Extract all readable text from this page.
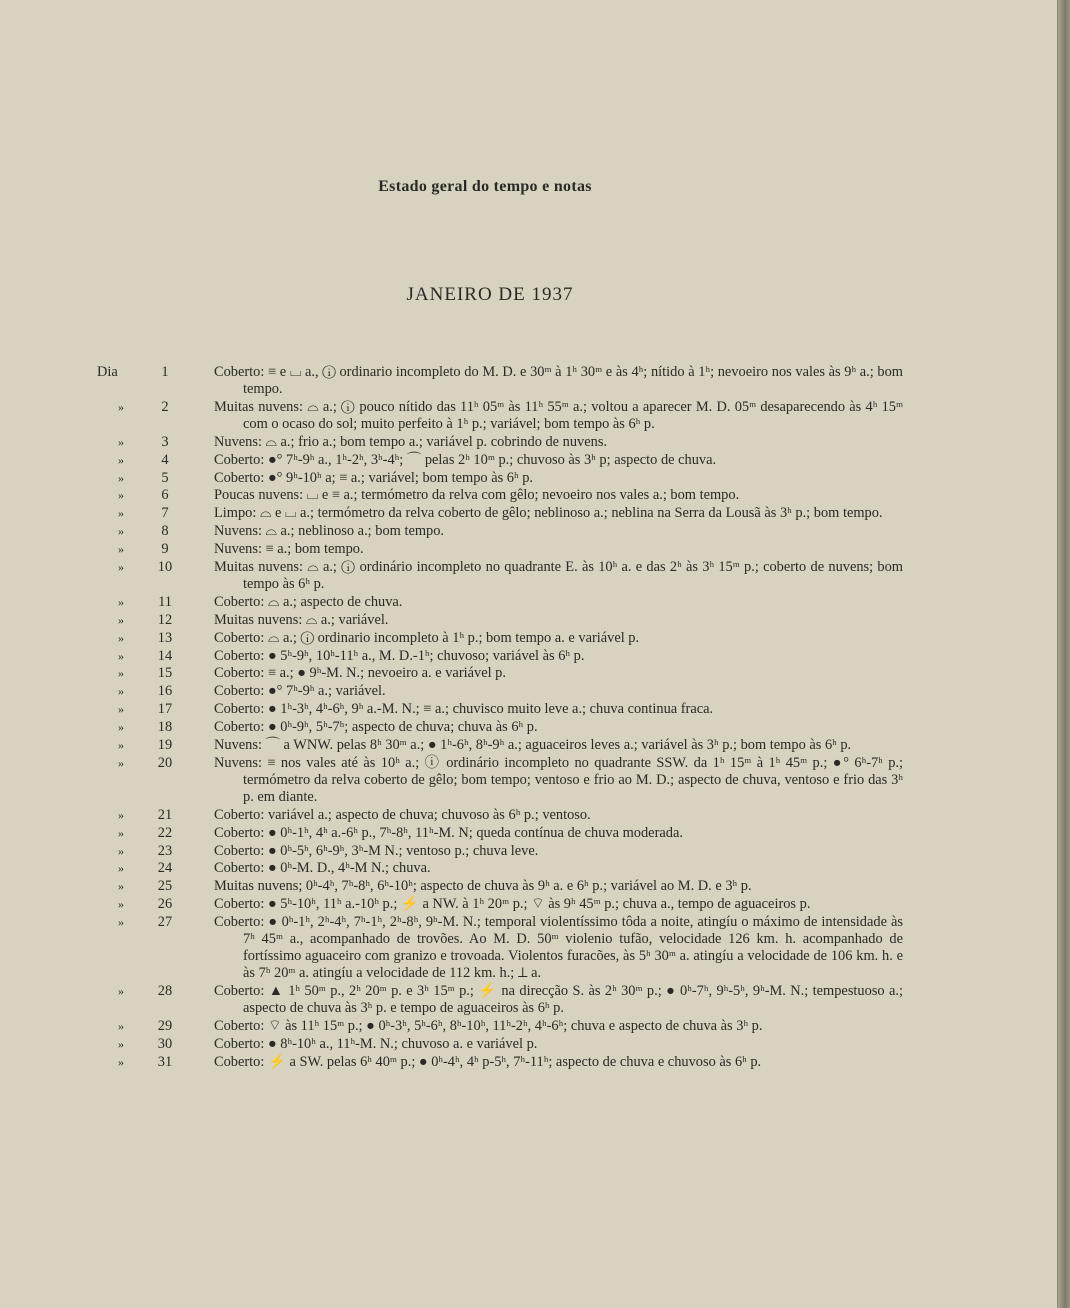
Estado geral do tempo e notas
JANEIRO DE 1937
Dia	1	Coberto: ≡ e ⌴ a., ⓘ ordinario incompleto do M. D. e 30ᵐ à 1ʰ 30ᵐ e às 4ʰ; nítido à 1ʰ; nevoeiro nos vales às 9ʰ a.; bom tempo.
»	2	Muitas nuvens: ⌓ a.; ⓘ pouco nítido das 11ʰ 05ᵐ às 11ʰ 55ᵐ a.; voltou a aparecer M. D. 05ᵐ desaparecendo às 4ʰ 15ᵐ com o ocaso do sol; muito perfeito à 1ʰ p.; variável; bom tempo às 6ʰ p.
»	3	Nuvens: ⌓ a.; frio a.; bom tempo a.; variável p. cobrindo de nuvens.
»	4	Coberto: ●° 7ʰ-9ʰ a., 1ʰ-2ʰ, 3ʰ-4ʰ; ⌒ pelas 2ʰ 10ᵐ p.; chuvoso às 3ʰ p; aspecto de chuva.
»	5	Coberto: ●° 9ʰ-10ʰ a; ≡ a.; variável; bom tempo às 6ʰ p.
»	6	Poucas nuvens: ⌴ e ≡ a.; termómetro da relva com gêlo; nevoeiro nos vales a.; bom tempo.
»	7	Limpo: ⌓ e ⌴ a.; termómetro da relva coberto de gêlo; neblinoso a.; neblina na Serra da Lousã às 3ʰ p.; bom tempo.
»	8	Nuvens: ⌓ a.; neblinoso a.; bom tempo.
»	9	Nuvens: ≡ a.; bom tempo.
»	10	Muitas nuvens: ⌓ a.; ⓘ ordinário incompleto no quadrante E. às 10ʰ a. e das 2ʰ às 3ʰ 15ᵐ p.; coberto de nuvens; bom tempo às 6ʰ p.
»	11	Coberto: ⌓ a.; aspecto de chuva.
»	12	Muitas nuvens: ⌓ a.; variável.
»	13	Coberto: ⌓ a.; ⓘ ordinario incompleto à 1ʰ p.; bom tempo a. e variável p.
»	14	Coberto: ● 5ʰ-9ʰ, 10ʰ-11ʰ a., M. D.-1ʰ; chuvoso; variável às 6ʰ p.
»	15	Coberto: ≡ a.; ● 9ʰ-M. N.; nevoeiro a. e variável p.
»	16	Coberto: ●° 7ʰ-9ʰ a.; variável.
»	17	Coberto: ● 1ʰ-3ʰ, 4ʰ-6ʰ, 9ʰ a.-M. N.; ≡ a.; chuvisco muito leve a.; chuva continua fraca.
»	18	Coberto: ● 0ʰ-9ʰ, 5ʰ-7ʰ; aspecto de chuva; chuva às 6ʰ p.
»	19	Nuvens: ⌒ a WNW. pelas 8ʰ 30ᵐ a.; ● 1ʰ-6ʰ, 8ʰ-9ʰ a.; aguaceiros leves a.; variável às 3ʰ p.; bom tempo às 6ʰ p.
»	20	Nuvens: ≡ nos vales até às 10ʰ a.; ⓘ ordinário incompleto no quadrante SSW. da 1ʰ 15ᵐ à 1ʰ 45ᵐ p.; ●° 6ʰ-7ʰ p.; termómetro da relva coberto de gêlo; bom tempo; ventoso e frio ao M. D.; aspecto de chuva, ventoso e frio das 3ʰ p. em diante.
»	21	Coberto: variável a.; aspecto de chuva; chuvoso às 6ʰ p.; ventoso.
»	22	Coberto: ● 0ʰ-1ʰ, 4ʰ a.-6ʰ p., 7ʰ-8ʰ, 11ʰ-M. N; queda contínua de chuva moderada.
»	23	Coberto: ● 0ʰ-5ʰ, 6ʰ-9ʰ, 3ʰ-M N.; ventoso p.; chuva leve.
»	24	Coberto: ● 0ʰ-M. D., 4ʰ-M N.; chuva.
»	25	Muitas nuvens; 0ʰ-4ʰ, 7ʰ-8ʰ, 6ʰ-10ʰ; aspecto de chuva às 9ʰ a. e 6ʰ p.; variável ao M. D. e 3ʰ p.
»	26	Coberto: ● 5ʰ-10ʰ, 11ʰ a.-10ʰ p.; ⚡ a NW. à 1ʰ 20ᵐ p.; ⌔ às 9ʰ 45ᵐ p.; chuva a., tempo de aguaceiros p.
»	27	Coberto: ● 0ʰ-1ʰ, 2ʰ-4ʰ, 7ʰ-1ʰ, 2ʰ-8ʰ, 9ʰ-M. N.; temporal violentíssimo tôda a noite, atingíu o máximo de intensidade às 7ʰ 45ᵐ a., acompanhado de trovões. Ao M. D. 50ᵐ violenio tufão, velocidade 126 km. h. acompanhado de fortíssimo aguaceiro com granizo e trovoada. Violentos furacões, às 5ʰ 30ᵐ a. atingíu a velocidade de 106 km. h. e às 7ʰ 20ᵐ a. atingíu a velocidade de 112 km. h.; ⟂ a.
»	28	Coberto: ▲ 1ʰ 50ᵐ p., 2ʰ 20ᵐ p. e 3ʰ 15ᵐ p.; ⚡ na direcção S. às 2ʰ 30ᵐ p.; ● 0ʰ-7ʰ, 9ʰ-5ʰ, 9ʰ-M. N.; tempestuoso a.; aspecto de chuva às 3ʰ p. e tempo de aguaceiros às 6ʰ p.
»	29	Coberto: ⌔ às 11ʰ 15ᵐ p.; ● 0ʰ-3ʰ, 5ʰ-6ʰ, 8ʰ-10ʰ, 11ʰ-2ʰ, 4ʰ-6ʰ; chuva e aspecto de chuva às 3ʰ p.
»	30	Coberto: ● 8ʰ-10ʰ a., 11ʰ-M. N.; chuvoso a. e variável p.
»	31	Coberto: ⚡ a SW. pelas 6ʰ 40ᵐ p.; ● 0ʰ-4ʰ, 4ʰ p-5ʰ, 7ʰ-11ʰ; aspecto de chuva e chuvoso às 6ʰ p.
